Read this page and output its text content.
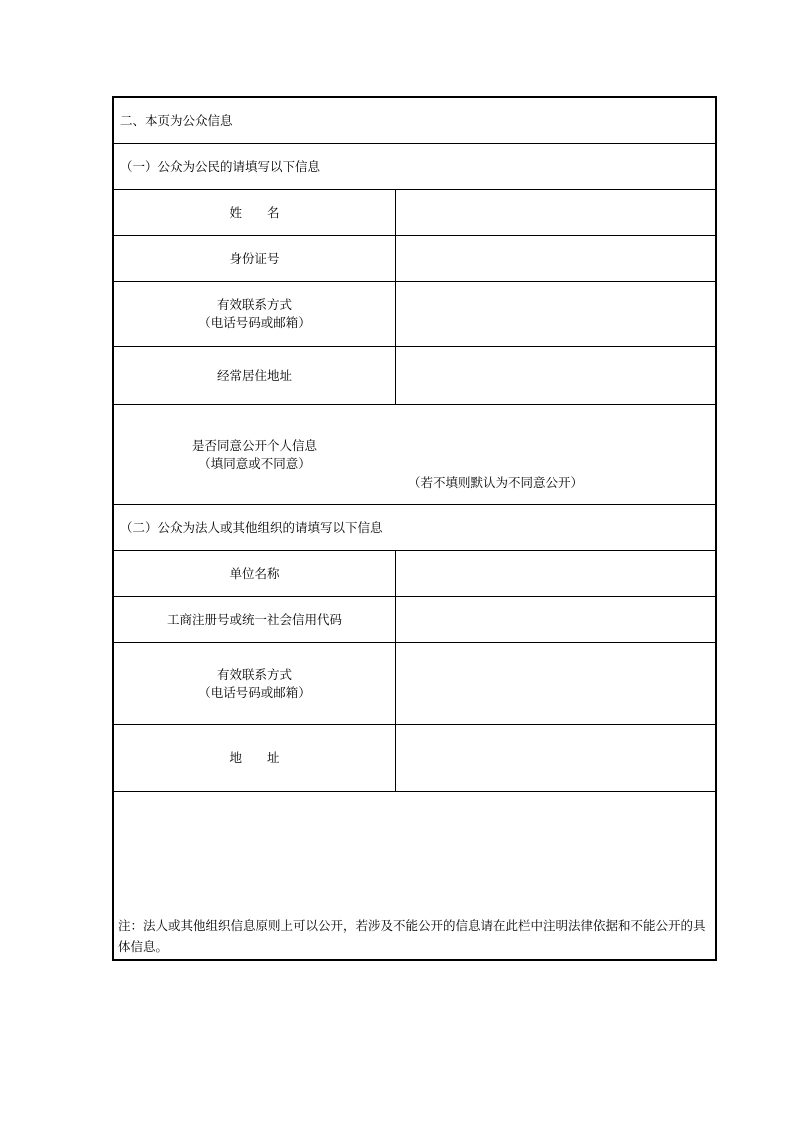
二、本页为公众信息
（一）公众为公民的请填写以下信息
姓　　名
身份证号
有效联系方式
（电话号码或邮箱）
经常居住地址
是否同意公开个人信息
（填同意或不同意）
（若不填则默认为不同意公开）
（二）公众为法人或其他组织的请填写以下信息
单位名称
工商注册号或统一社会信用代码
有效联系方式
（电话号码或邮箱）
地　　址
注：法人或其他组织信息原则上可以公开，若涉及不能公开的信息请在此栏中注明法律依据和不能公开的具体信息。
